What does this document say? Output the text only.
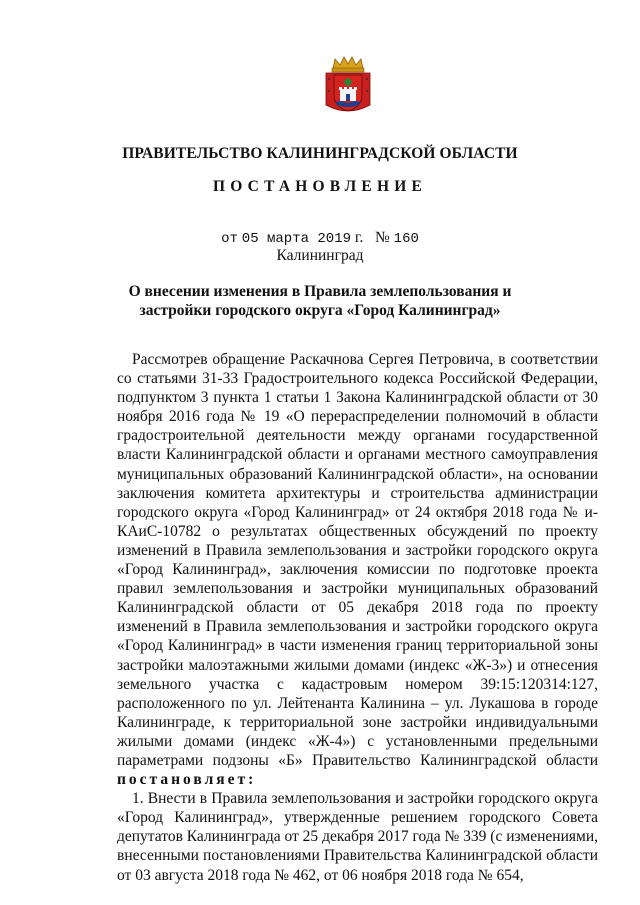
ПРАВИТЕЛЬСТВО КАЛИНИНГРАДСКОЙ ОБЛАСТИ
ПОСТАНОВЛЕНИЕ
от 05 марта 2019 г. № 160
Калининград
О внесении изменения в Правила землепользования и застройки городского округа «Город Калининград»

Рассмотрев обращение Раскачнова Сергея Петровича, в соответствии со статьями 31-33 Градостроительного кодекса Российской Федерации, подпунктом 3 пункта 1 статьи 1 Закона Калининградской области от 30 ноября 2016 года № 19 «О перераспределении полномочий в области градостроительной деятельности между органами государственной власти Калининградской области и органами местного самоуправления муниципальных образований Калининградской области», на основании заключения комитета архитектуры и строительства администрации городского округа «Город Калининград» от 24 октября 2018 года № и-КАиС-10782 о результатах общественных обсуждений по проекту изменений в Правила землепользования и застройки городского округа «Город Калининград», заключения комиссии по подготовке проекта правил землепользования и застройки муниципальных образований Калининградской области от 05 декабря 2018 года по проекту изменений в Правила землепользования и застройки городского округа «Город Калининград» в части изменения границ территориальной зоны застройки малоэтажными жилыми домами (индекс «Ж-3») и отнесения земельного участка с кадастровым номером 39:15:120314:127, расположенного по ул. Лейтенанта Калинина – ул. Лукашова в городе Калининграде, к территориальной зоне застройки индивидуальными жилыми домами (индекс «Ж-4») с установленными предельными параметрами подзоны «Б» Правительство Калининградской области постановляет:

1. Внести в Правила землепользования и застройки городского округа «Город Калининград», утвержденные решением городского Совета депутатов Калининграда от 25 декабря 2017 года № 339 (с изменениями, внесенными постановлениями Правительства Калининградской области от 03 августа 2018 года № 462, от 06 ноября 2018 года № 654,
